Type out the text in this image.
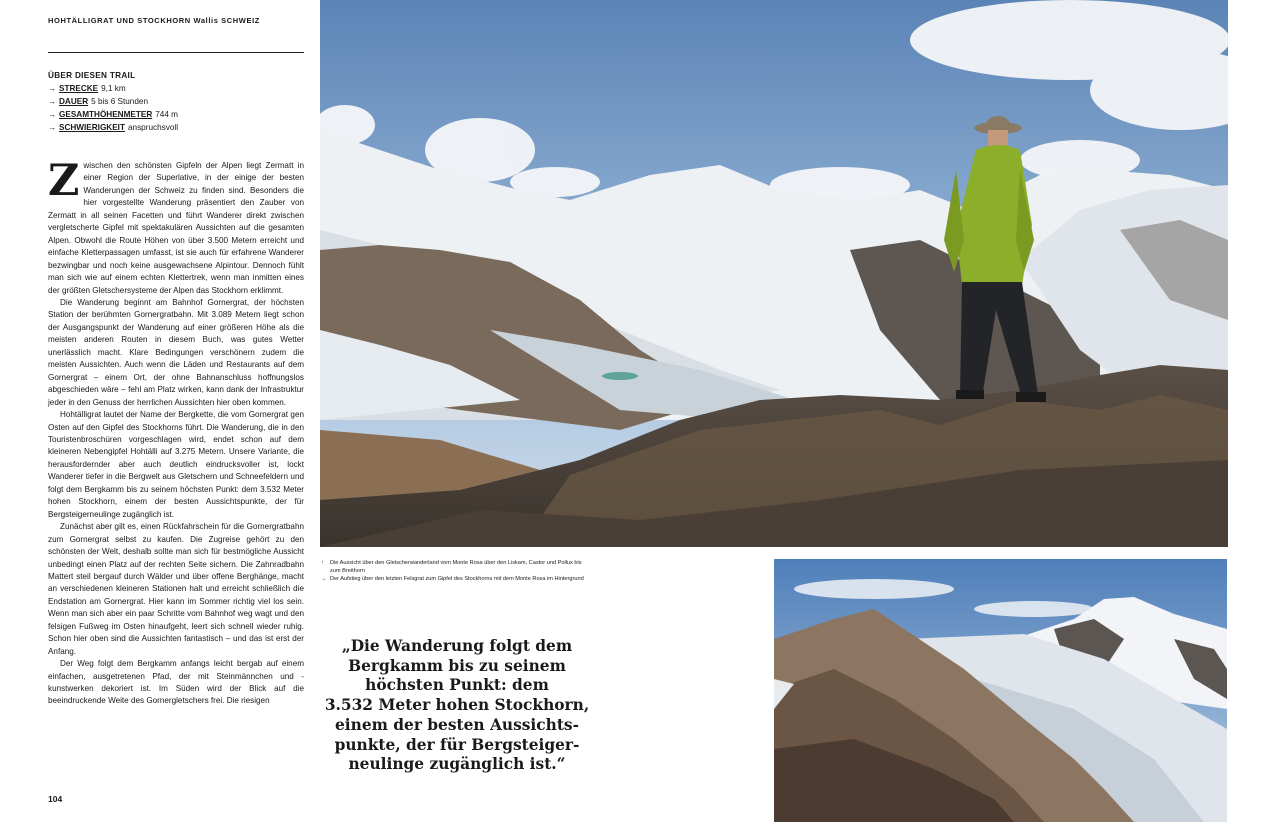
HOHTÄLLIGRAT UND STOCKHORN Wallis SCHWEIZ
ÜBER DIESEN TRAIL
→ STRECKE 9,1 km
→ DAUER 5 bis 6 Stunden
→ GESAMTHÖHENMETER 744 m
→ SCHWIERIGKEIT anspruchsvoll

Zwischen den schönsten Gipfeln der Alpen liegt Zermatt in einer Region der Superlative, in der einige der besten Wanderungen der Schweiz zu finden sind. Besonders die hier vorgestellte Wanderung präsentiert den Zauber von Zermatt in all seinen Facetten und führt Wanderer direkt zwischen vergletscherte Gipfel mit spektakulären Aussichten auf die gesamten Alpen. Obwohl die Route Höhen von über 3.500 Metern erreicht und einfache Kletterpassagen umfasst, ist sie auch für erfahrene Wanderer bezwingbar und noch keine ausgewachsene Alpintour. Dennoch fühlt man sich wie auf einem echten Klettertrek, wenn man inmitten eines der größten Gletschersysteme der Alpen das Stockhorn erklimmt.

Die Wanderung beginnt am Bahnhof Gornergrat, der höchsten Station der berühmten Gornergratbahn. Mit 3.089 Metern liegt schon der Ausgangspunkt der Wanderung auf einer größeren Höhe als die meisten anderen Routen in diesem Buch, was gutes Wetter unerlässlich macht. Klare Bedingungen verschönern zudem die meisten Aussichten. Auch wenn die Läden und Restaurants auf dem Gornergrat – einem Ort, der ohne Bahnanschluss hoffnungslos abgeschieden wäre – fehl am Platz wirken, kann dank der Infrastruktur jeder in den Genuss der herrlichen Aussichten hier oben kommen.

Hohtälligrat lautet der Name der Bergkette, die vom Gornergrat gen Osten auf den Gipfel des Stockhorns führt. Die Wanderung, die in den Touristenbroschüren vorgeschlagen wird, endet schon auf dem kleineren Nebengipfel Hohtälli auf 3.275 Metern. Unsere Variante, die herausfordernder aber auch deutlich eindrucksvoller ist, lockt Wanderer tiefer in die Bergwelt aus Gletschern und Schneefeldern und folgt dem Bergkamm bis zu seinem höchsten Punkt: dem 3.532 Meter hohen Stockhorn, einem der besten Aussichtspunkte, der für Bergsteigerneulinge zugänglich ist.

Zunächst aber gilt es, einen Rückfahrschein für die Gornergratbahn zum Gornergrat selbst zu kaufen. Die Zugreise gehört zu den schönsten der Welt, deshalb sollte man sich für bestmögliche Aussicht unbedingt einen Platz auf der rechten Seite sichern. Die Zahnradbahn Mattert steil bergauf durch Wälder und über offene Berghänge, macht an verschiedenen kleineren Stationen halt und erreicht schließlich die Endstation am Gornergrat. Hier kann im Sommer richtig viel los sein. Wenn man sich aber ein paar Schritte vom Bahnhof weg wagt und den felsigen Fußweg im Osten hinaufgeht, leert sich schnell wieder ruhig. Schon hier oben sind die Aussichten fantastisch – und das ist erst der Anfang.

Der Weg folgt dem Bergkamm anfangs leicht bergab auf einem einfachen, ausgetretenen Pfad, der mit Steinmännchen und -kunstwerken dekoriert ist. Im Süden wird der Blick auf die beeindruckende Weite des Gornergletschers frei. Die riesigen

104
↑	Die Aussicht über den Gletscherwanderland vom Monte Rosa über den Liskam, Castor und Pollux bis zum Breithorn
→ Der Aufstieg über den letzten Felsgrat zum Gipfel des Stockhorns mit dem Monte Rosa im Hintergrund
„Die Wanderung folgt dem
Bergkamm bis zu seinem
höchsten Punkt: dem
3.532 Meter hohen Stockhorn,
einem der besten Aussichts-
punkte, der für Bergsteiger-
neulinge zugänglich ist.“
